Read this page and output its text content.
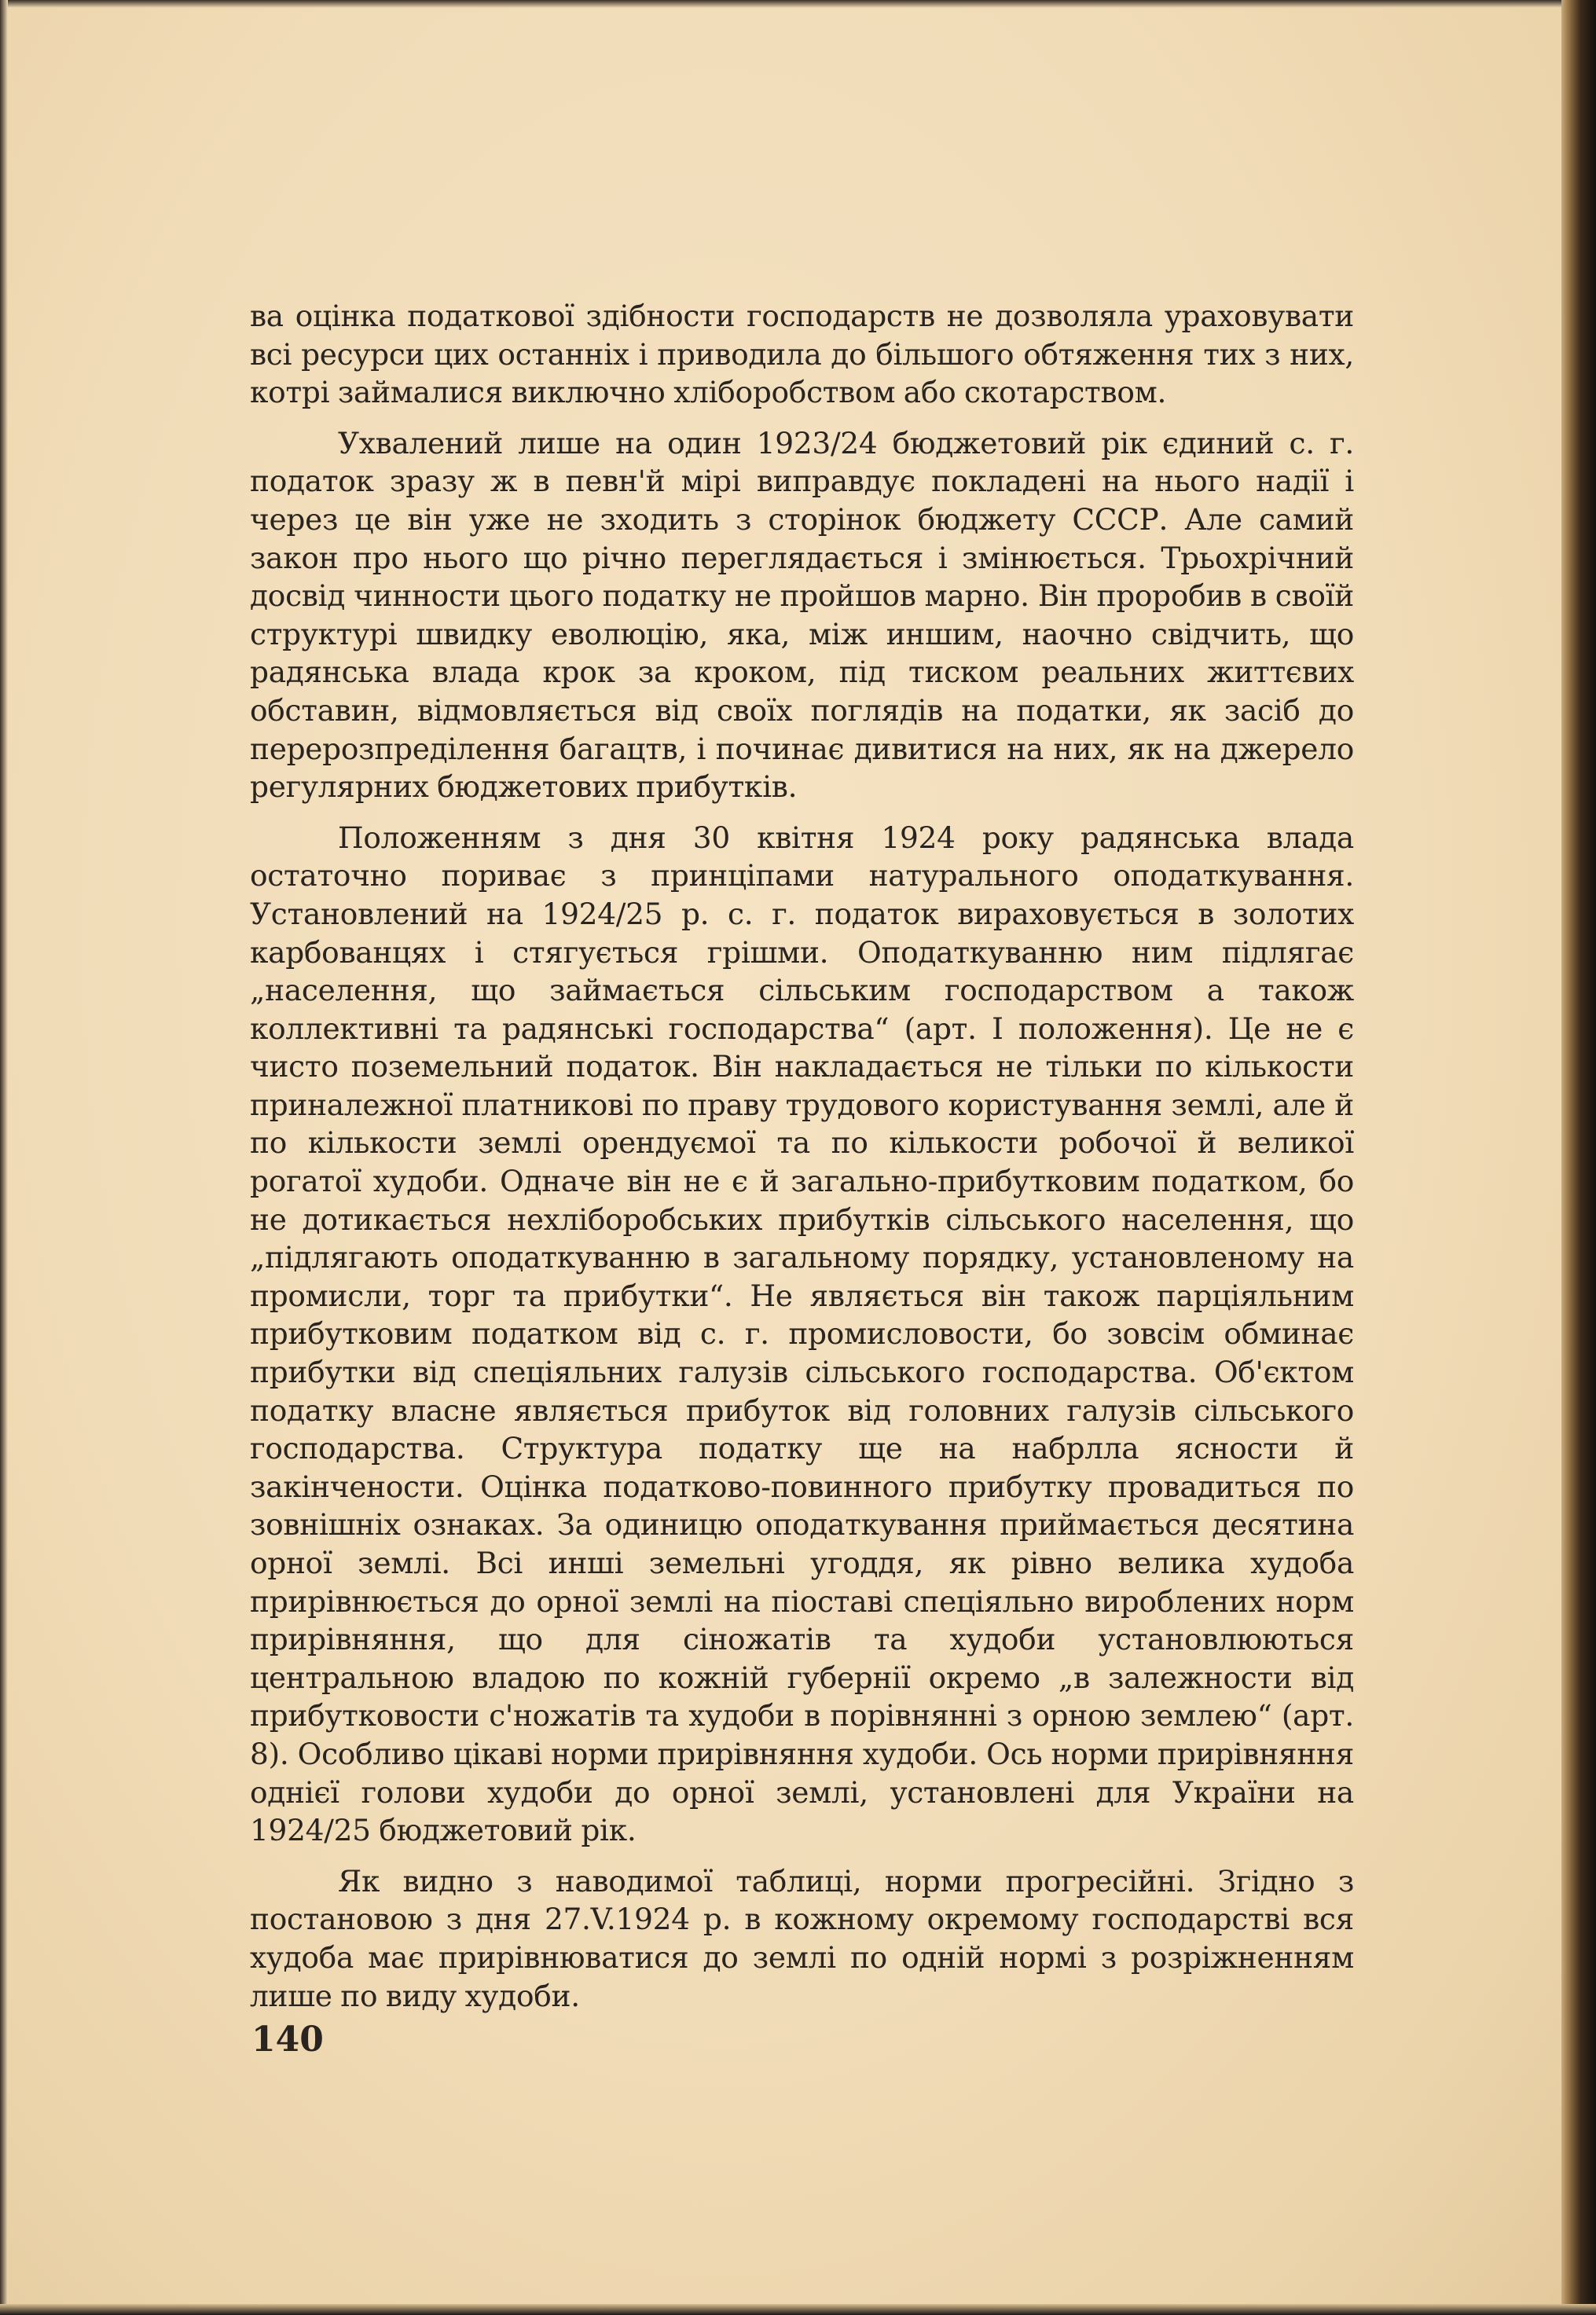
ва оцінка податкової здібности господарств не дозволяла ураховувати всі ресурси цих останніх і приводила до більшого обтяження тих з них, котрі займалися виключно хліборобством або скотарством.

Ухвалений лише на один 1923/24 бюджетовий рік єдиний с. г. податок зразу ж в певн'й мірі виправдує покладені на нього надії і через це він уже не зходить з сторінок бюджету СССР. Але самий закон про нього що річно переглядається і змінюється. Трьохрічний досвід чинности цього податку не пройшов марно. Він проробив в своїй структурі швидку еволюцію, яка, між иншим, наочно свідчить, що радянська влада крок за кроком, під тиском реальних життєвих обставин, відмовляється від своїх поглядів на податки, як засіб до перерозпреділення багацтв, і починає дивитися на них, як на джерело регулярних бюджетових прибутків.

Положенням з дня 30 квітня 1924 року радянська влада остаточно пориває з принціпами натурального оподаткування. Установлений на 1924/25 р. с. г. податок вираховується в золотих карбованцях і стягується грішми. Оподаткуванню ним підлягає „населення, що займається сільським господарством а також коллективні та радянські господарства“ (арт. І положення). Це не є чисто поземельний податок. Він накладається не тільки по кількости приналежної платникові по праву трудового користування землі, але й по кількости землі орендуємої та по кількости робочої й великої рогатої худоби. Одначе він не є й загально-прибутковим податком, бо не дотикається нехліборобських прибутків сільського населення, що „підлягають оподаткуванню в загальному порядку, установленому на промисли, торг та прибутки“. Не являється він також парціяльним прибутковим податком від с. г. промисловости, бо зовсім обминає прибутки від спеціяльних галузів сільського господарства. Об'єктом податку власне являється прибуток від головних галузів сільського господарства. Структура податку ще на набрлла ясности й закінчености. Оцінка податково-повинного прибутку провадиться по зовнішніх ознаках. За одиницю оподаткування приймається десятина орної землі. Всі инші земельні угоддя, як рівно велика худоба прирівнюється до орної землі на піоставі спеціяльно вироблених норм прирівняння, що для сіножатів та худоби установлюються центральною владою по кожній губернії окремо „в залежности від прибутковости с'ножатів та худоби в порівнянні з орною землею“ (арт. 8). Особливо цікаві норми прирівняння худоби. Ось норми прирівняння однієї голови худоби до орної землі, установлені для України на 1924/25 бюджетовий рік.

Як видно з наводимої таблиці, норми прогресійні. Згідно з постановою з дня 27.V.1924 р. в кожному окремому господарстві вся худоба має прирівнюватися до землі по одній нормі з розріжненням лише по виду худоби.

140
